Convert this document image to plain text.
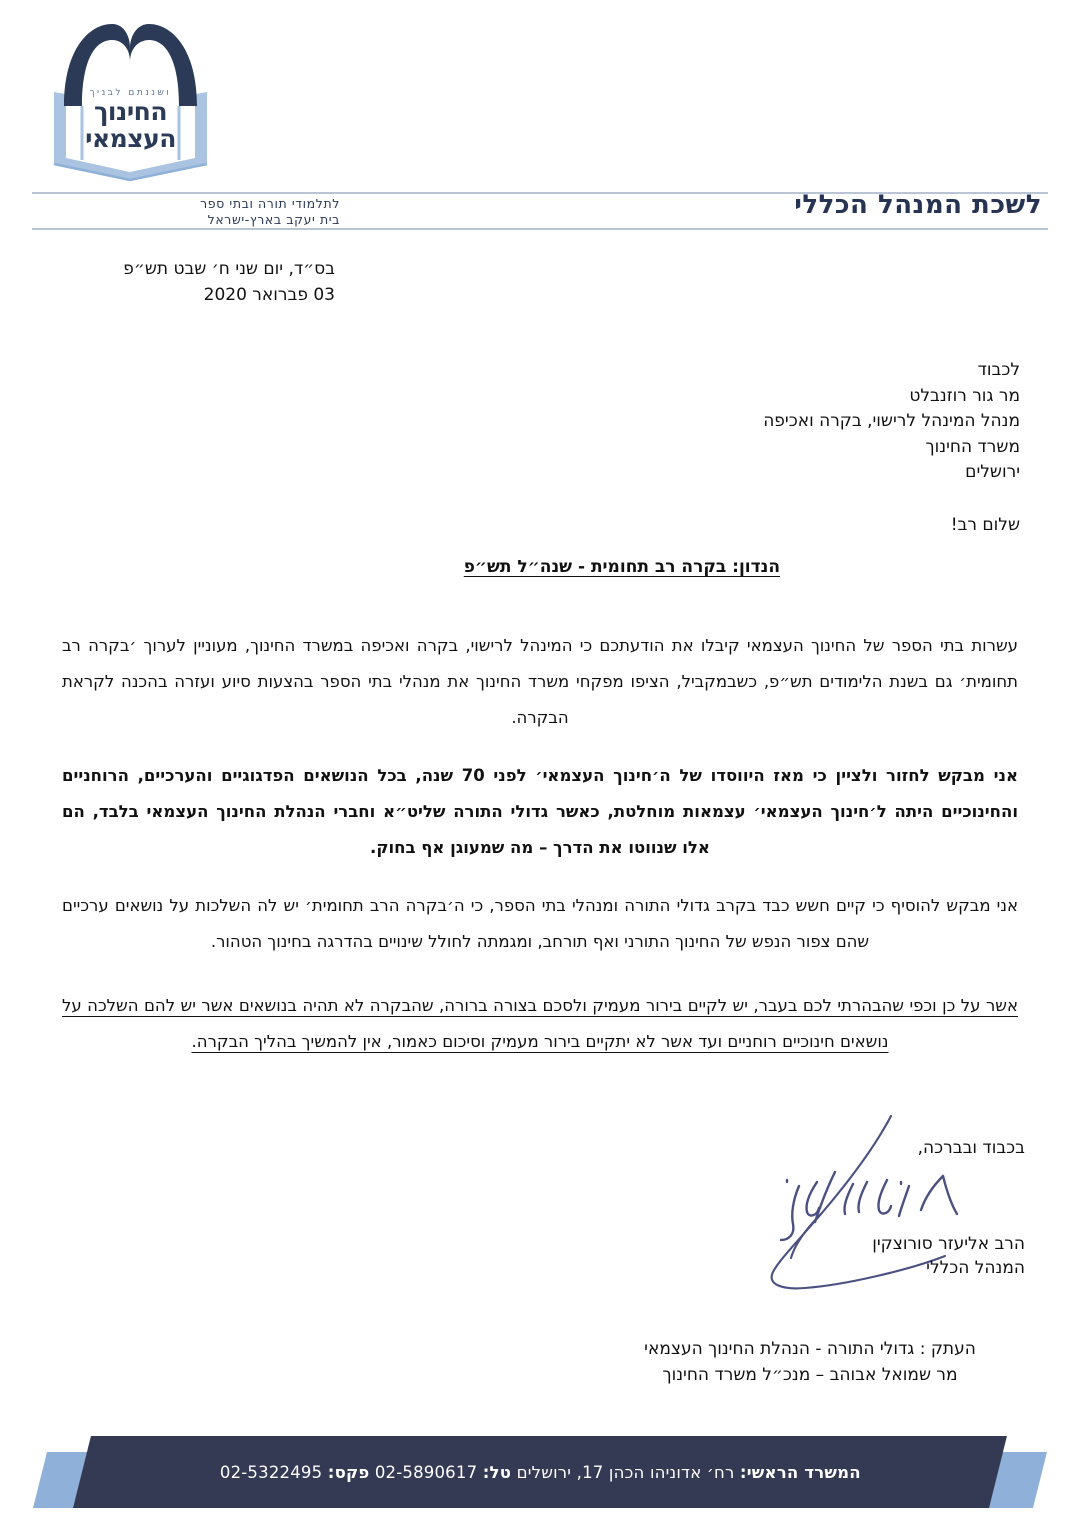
ושננתם לבניך
החינוך
העצמאי
לתלמודי תורה ובתי ספר
בית יעקב בארץ-ישראל	לשכת המנהל הכללי
בס״ד, יום שני ח׳ שבט תש״פ
03 פברואר 2020
לכבוד
מר גור רוזנבלט
מנהל המינהל לרישוי, בקרה ואכיפה
משרד החינוך
ירושלים
שלום רב!
הנדון: בקרה רב תחומית - שנה״ל תש״פ
עשרות בתי הספר של החינוך העצמאי קיבלו את הודעתכם כי המינהל לרישוי, בקרה ואכיפה במשרד החינוך, מעוניין לערוך ׳בקרה רב תחומית׳ גם בשנת הלימודים תש״פ, כשבמקביל, הציפו מפקחי משרד החינוך את מנהלי בתי הספר בהצעות סיוע ועזרה בהכנה לקראת הבקרה.
אני מבקש לחזור ולציין כי מאז היווסדו של ה׳חינוך העצמאי׳ לפני 70 שנה, בכל הנושאים הפדגוגיים והערכיים, הרוחניים והחינוכיים היתה ל׳חינוך העצמאי׳ עצמאות מוחלטת, כאשר גדולי התורה שליט״א וחברי הנהלת החינוך העצמאי בלבד, הם אלו שנווטו את הדרך – מה שמעוגן אף בחוק.
אני מבקש להוסיף כי קיים חשש כבד בקרב גדולי התורה ומנהלי בתי הספר, כי ה׳בקרה הרב תחומית׳ יש לה השלכות על נושאים ערכיים שהם צפור הנפש של החינוך התורני ואף תורחב, ומגמתה לחולל שינויים בהדרגה בחינוך הטהור.
אשר על כן וכפי שהבהרתי לכם בעבר, יש לקיים בירור מעמיק ולסכם בצורה ברורה, שהבקרה לא תהיה בנושאים אשר יש להם השלכה על נושאים חינוכיים רוחניים ועד אשר לא יתקיים בירור מעמיק וסיכום כאמור, אין להמשיך בהליך הבקרה.
בכבוד ובברכה,
הרב אליעזר סורוצקין
המנהל הכללי
העתק : גדולי התורה - הנהלת החינוך העצמאי
מר שמואל אבוהב – מנכ״ל משרד החינוך
המשרד הראשי: רח׳ אדוניהו הכהן 17, ירושלים טל: 02-5890617 פקס: 02-5322495
